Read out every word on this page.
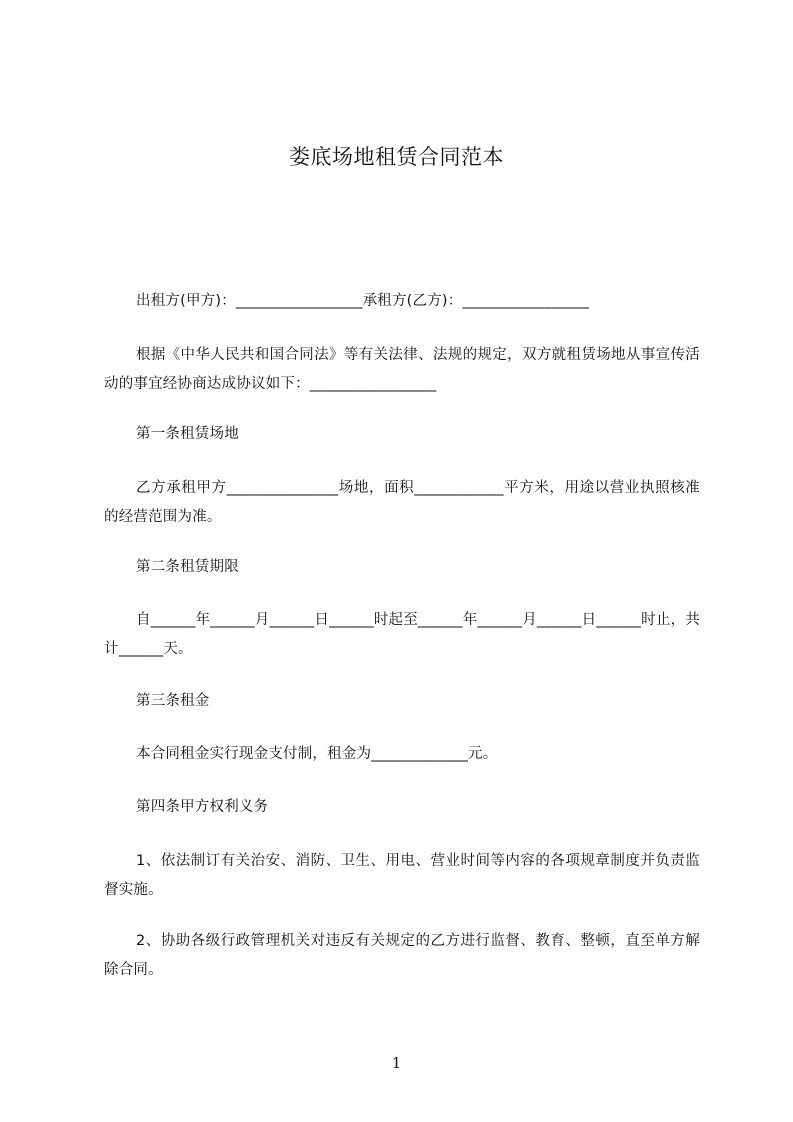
娄底场地租赁合同范本

出租方(甲方)：_________________承租方(乙方)：_________________

根据《中华人民共和国合同法》等有关法律、法规的规定，双方就租赁场地从事宣传活动的事宜经协商达成协议如下：_________________

第一条租赁场地

乙方承租甲方_______________场地，面积____________平方米，用途以营业执照核准的经营范围为准。

第二条租赁期限

自______年______月______日______时起至______年______月______日______时止，共计______天。

第三条租金

本合同租金实行现金支付制，租金为_____________元。

第四条甲方权利义务

1、依法制订有关治安、消防、卫生、用电、营业时间等内容的各项规章制度并负责监督实施。

2、协助各级行政管理机关对违反有关规定的乙方进行监督、教育、整顿，直至单方解除合同。

1
